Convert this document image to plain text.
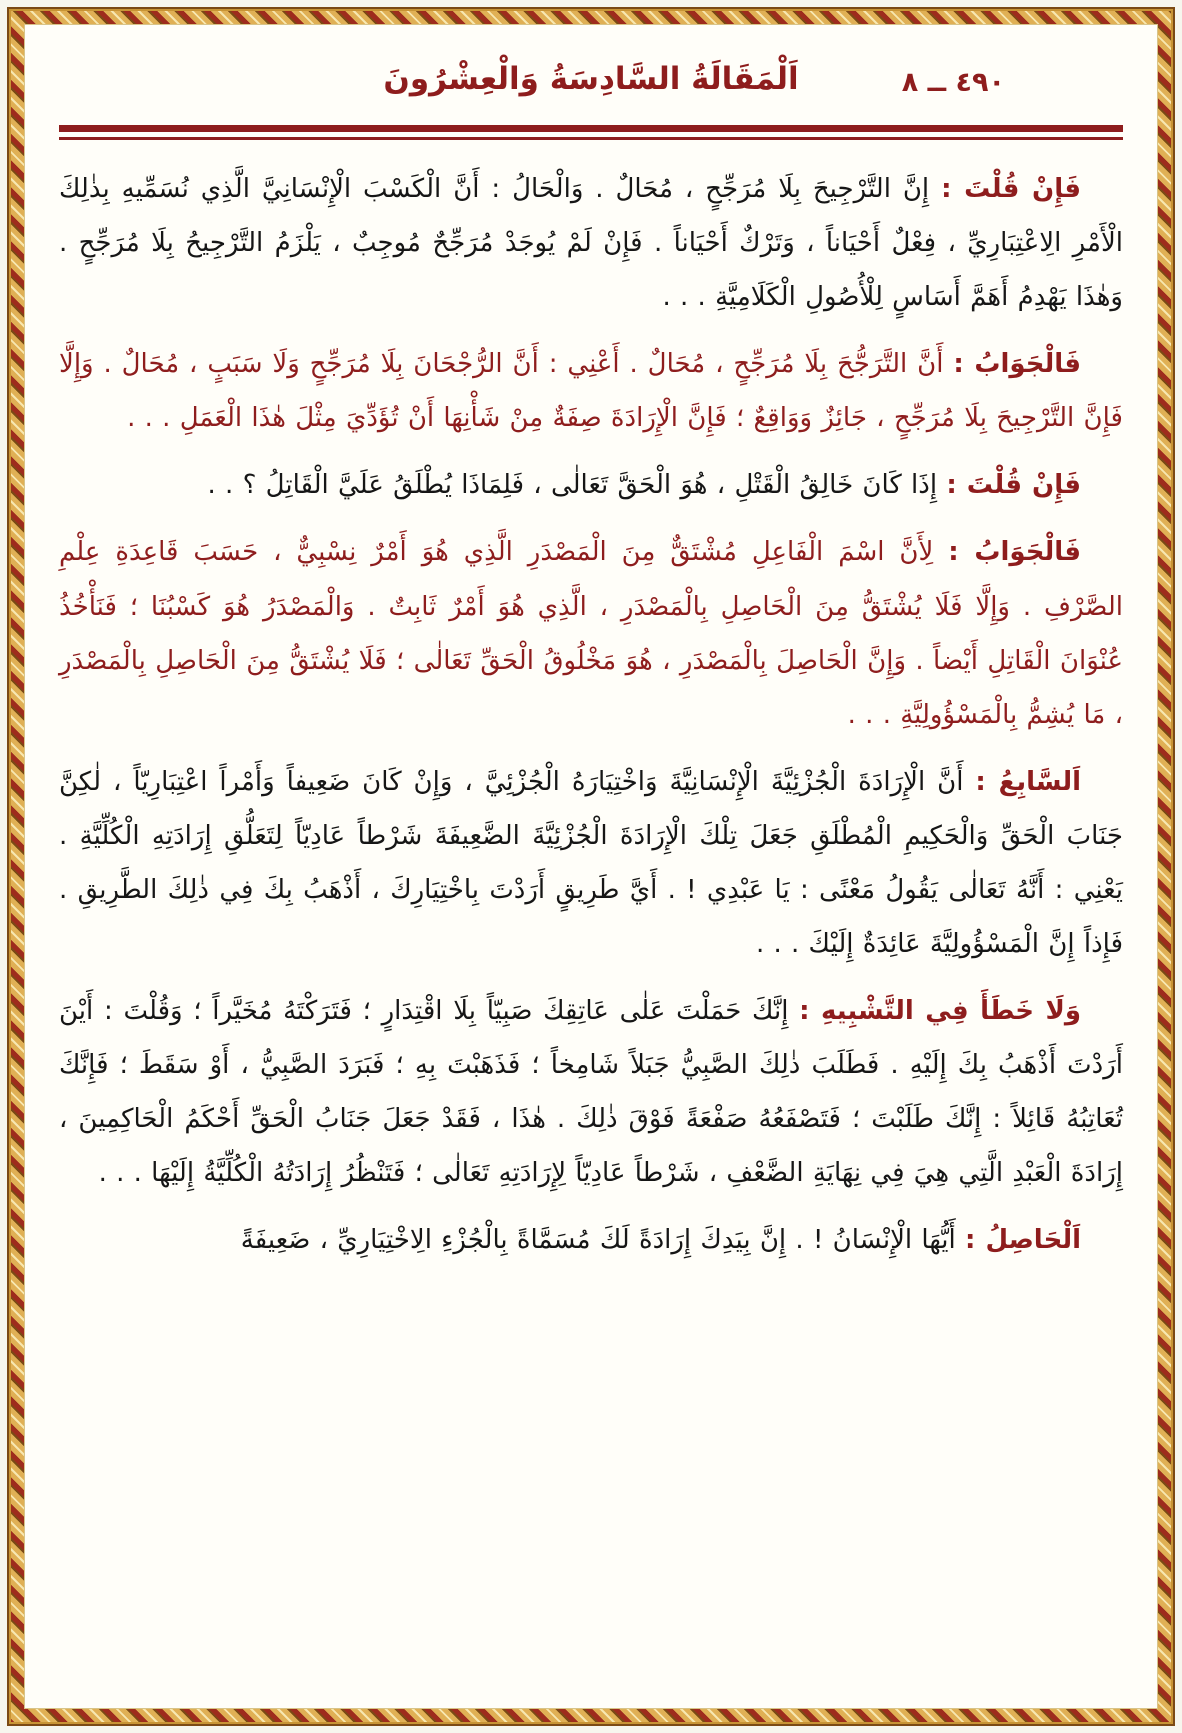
٤٩٠ ــ ٨
اَلْمَقَالَةُ السَّادِسَةُ وَالْعِشْرُونَ

فَإِنْ قُلْتَ : إِنَّ التَّرْجِيحَ بِلَا مُرَجِّحٍ ، مُحَالٌ . وَالْحَالُ : أَنَّ الْكَسْبَ الْإِنْسَانِيَّ الَّذِي نُسَمِّيهِ بِذٰلِكَ الْأَمْرِ الِاعْتِبَارِيِّ ، فِعْلٌ أَحْيَاناً ، وَتَرْكٌ أَحْيَاناً . فَإِنْ لَمْ يُوجَدْ مُرَجِّحٌ مُوجِبٌ ، يَلْزَمُ التَّرْجِيحُ بِلَا مُرَجِّحٍ . وَهٰذَا يَهْدِمُ أَهَمَّ أَسَاسٍ لِلْأُصُولِ الْكَلَامِيَّةِ . . .

فَالْجَوَابُ : أَنَّ التَّرَجُّحَ بِلَا مُرَجِّحٍ ، مُحَالٌ . أَعْنِي : أَنَّ الرُّجْحَانَ بِلَا مُرَجِّحٍ وَلَا سَبَبٍ ، مُحَالٌ . وَإِلَّا فَإِنَّ التَّرْجِيحَ بِلَا مُرَجِّحٍ ، جَائِزٌ وَوَاقِعٌ ؛ فَإِنَّ الْإِرَادَةَ صِفَةٌ مِنْ شَأْنِهَا أَنْ تُؤَدِّيَ مِثْلَ هٰذَا الْعَمَلِ . . .

فَإِنْ قُلْتَ : إِذَا كَانَ خَالِقُ الْقَتْلِ ، هُوَ الْحَقَّ تَعَالٰى ، فَلِمَاذَا يُطْلَقُ عَلَيَّ الْقَاتِلُ ؟ . .

فَالْجَوَابُ : لِأَنَّ اسْمَ الْفَاعِلِ مُشْتَقٌّ مِنَ الْمَصْدَرِ الَّذِي هُوَ أَمْرٌ نِسْبِيٌّ ، حَسَبَ قَاعِدَةِ عِلْمِ الصَّرْفِ . وَإِلَّا فَلَا يُشْتَقُّ مِنَ الْحَاصِلِ بِالْمَصْدَرِ ، الَّذِي هُوَ أَمْرٌ ثَابِتٌ . وَالْمَصْدَرُ هُوَ كَسْبُنَا ؛ فَنَأْخُذُ عُنْوَانَ الْقَاتِلِ أَيْضاً . وَإِنَّ الْحَاصِلَ بِالْمَصْدَرِ ، هُوَ مَخْلُوقُ الْحَقِّ تَعَالٰى ؛ فَلَا يُشْتَقُّ مِنَ الْحَاصِلِ بِالْمَصْدَرِ ، مَا يُشِمُّ بِالْمَسْؤُولِيَّةِ . . .

اَلسَّابِعُ : أَنَّ الْإِرَادَةَ الْجُزْئِيَّةَ الْإِنْسَانِيَّةَ وَاخْتِيَارَهُ الْجُزْئِيَّ ، وَإِنْ كَانَ ضَعِيفاً وَأَمْراً اعْتِبَارِيّاً ، لٰكِنَّ جَنَابَ الْحَقِّ وَالْحَكِيمِ الْمُطْلَقِ جَعَلَ تِلْكَ الْإِرَادَةَ الْجُزْئِيَّةَ الضَّعِيفَةَ شَرْطاً عَادِيّاً لِتَعَلُّقِ إِرَادَتِهِ الْكُلِّيَّةِ . يَعْنِي : أَنَّهُ تَعَالٰى يَقُولُ مَعْنًى : يَا عَبْدِي ! . أَيَّ طَرِيقٍ أَرَدْتَ بِاخْتِيَارِكَ ، أَذْهَبُ بِكَ فِي ذٰلِكَ الطَّرِيقِ . فَإِذاً إِنَّ الْمَسْؤُولِيَّةَ عَائِدَةٌ إِلَيْكَ . . .

وَلَا خَطَأَ فِي التَّشْبِيهِ : إِنَّكَ حَمَلْتَ عَلٰى عَاتِقِكَ صَبِيّاً بِلَا اقْتِدَارٍ ؛ فَتَرَكْتَهُ مُخَيَّراً ؛ وَقُلْتَ : أَيْنَ أَرَدْتَ أَذْهَبُ بِكَ إِلَيْهِ . فَطَلَبَ ذٰلِكَ الصَّبِيُّ جَبَلاً شَامِخاً ؛ فَذَهَبْتَ بِهِ ؛ فَبَرَدَ الصَّبِيُّ ، أَوْ سَقَطَ ؛ فَإِنَّكَ تُعَاتِبُهُ قَائِلاً : إِنَّكَ طَلَبْتَ ؛ فَتَصْفَعُهُ صَفْعَةً فَوْقَ ذٰلِكَ . هٰذَا ، فَقَدْ جَعَلَ جَنَابُ الْحَقِّ أَحْكَمُ الْحَاكِمِينَ ، إِرَادَةَ الْعَبْدِ الَّتِي هِيَ فِي نِهَايَةِ الضَّعْفِ ، شَرْطاً عَادِيّاً لِإِرَادَتِهِ تَعَالٰى ؛ فَتَنْظُرُ إِرَادَتُهُ الْكُلِّيَّةُ إِلَيْهَا . . .

اَلْحَاصِلُ : أَيُّهَا الْإِنْسَانُ ! . إِنَّ بِيَدِكَ إِرَادَةً لَكَ مُسَمَّاةً بِالْجُزْءِ الِاخْتِيَارِيِّ ، ضَعِيفَةً
